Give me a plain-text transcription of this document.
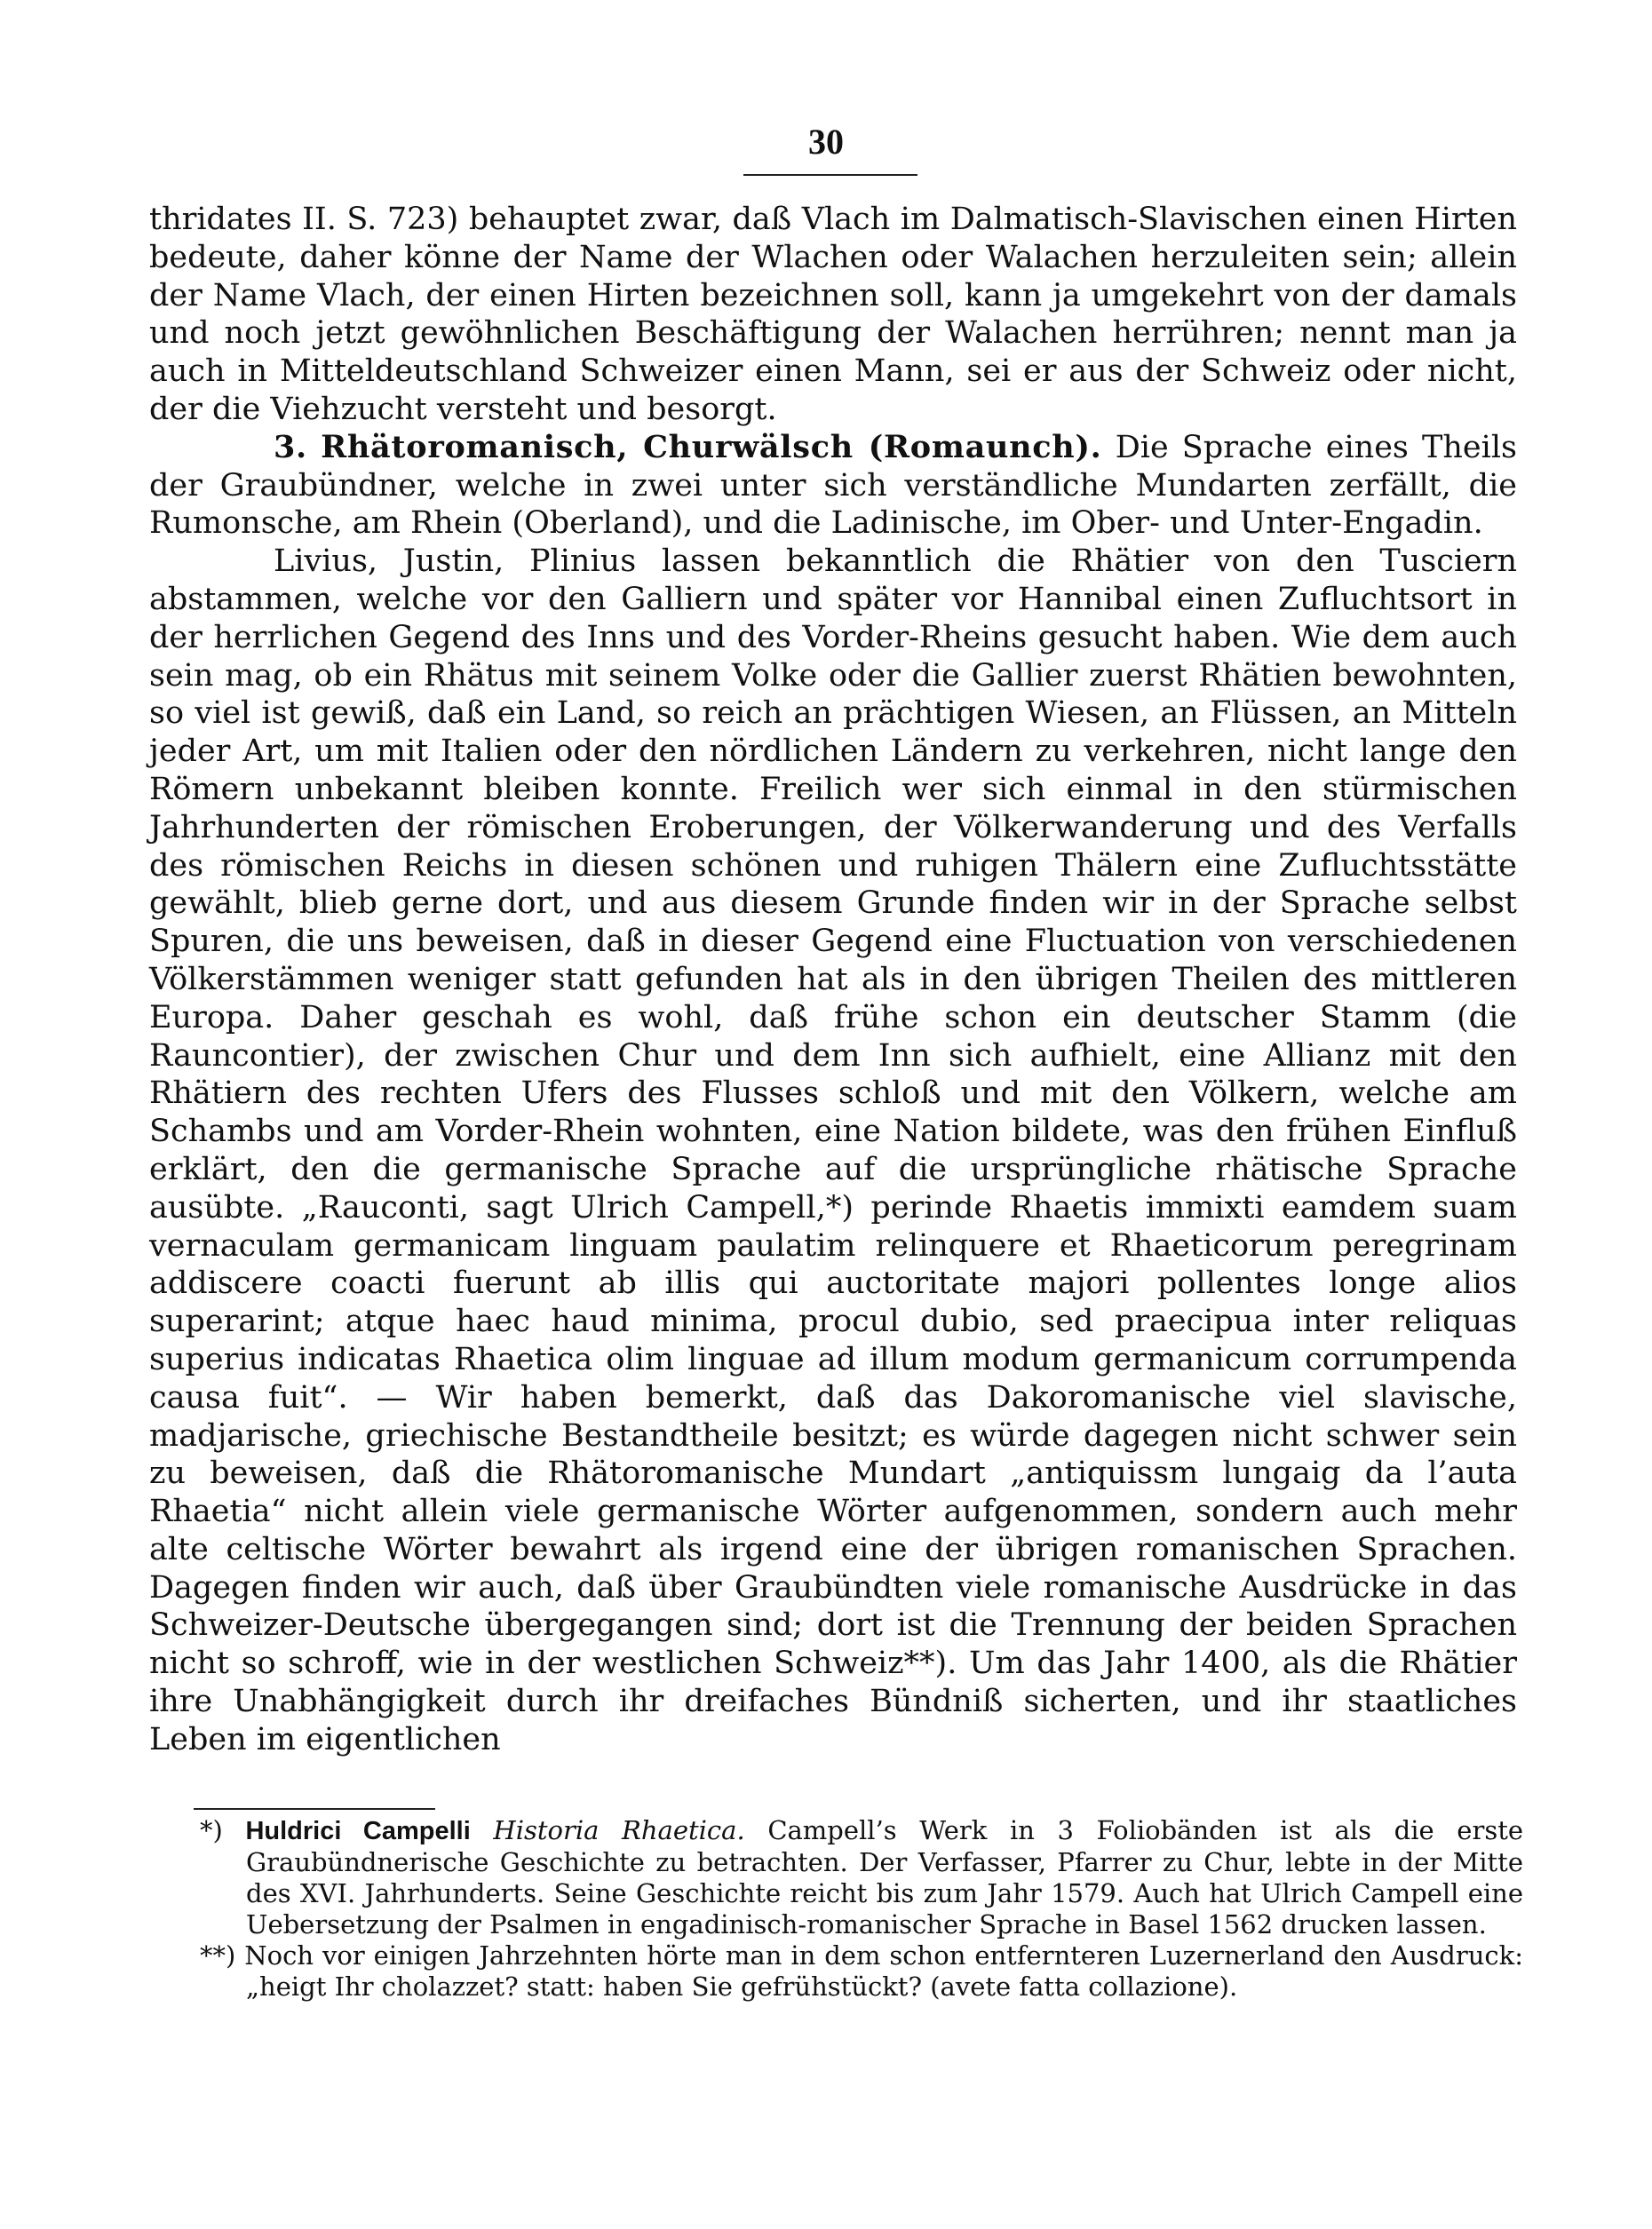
30

thridates II. S. 723) behauptet zwar, daß Vlach im Dalmatisch-Slavischen einen Hirten bedeute, daher könne der Name der Wlachen oder Walachen herzuleiten sein; allein der Name Vlach, der einen Hirten bezeichnen soll, kann ja umgekehrt von der damals und noch jetzt gewöhnlichen Beschäftigung der Walachen herrühren; nennt man ja auch in Mitteldeutschland Schweizer einen Mann, sei er aus der Schweiz oder nicht, der die Viehzucht versteht und besorgt.

3. Rhätoromanisch, Churwälsch (Romaunch). Die Sprache eines Theils der Graubündner, welche in zwei unter sich verständliche Mundarten zerfällt, die Rumonsche, am Rhein (Oberland), und die Ladinische, im Ober- und Unter-Engadin.

Livius, Justin, Plinius lassen bekanntlich die Rhätier von den Tusciern abstammen, welche vor den Galliern und später vor Hannibal einen Zufluchtsort in der herrlichen Gegend des Inns und des Vorder-Rheins gesucht haben. Wie dem auch sein mag, ob ein Rhätus mit seinem Volke oder die Gallier zuerst Rhätien bewohnten, so viel ist gewiß, daß ein Land, so reich an prächtigen Wiesen, an Flüssen, an Mitteln jeder Art, um mit Italien oder den nördlichen Ländern zu verkehren, nicht lange den Römern unbekannt bleiben konnte. Freilich wer sich einmal in den stürmischen Jahrhunderten der römischen Eroberungen, der Völkerwanderung und des Verfalls des römischen Reichs in diesen schönen und ruhigen Thälern eine Zufluchtsstätte gewählt, blieb gerne dort, und aus diesem Grunde finden wir in der Sprache selbst Spuren, die uns beweisen, daß in dieser Gegend eine Fluctuation von verschiedenen Völkerstämmen weniger statt gefunden hat als in den übrigen Theilen des mittleren Europa. Daher geschah es wohl, daß frühe schon ein deutscher Stamm (die Rauncontier), der zwischen Chur und dem Inn sich aufhielt, eine Allianz mit den Rhätiern des rechten Ufers des Flusses schloß und mit den Völkern, welche am Schambs und am Vorder-Rhein wohnten, eine Nation bildete, was den frühen Einfluß erklärt, den die germanische Sprache auf die ursprüngliche rhätische Sprache ausübte. „Rauconti, sagt Ulrich Campell,*) perinde Rhaetis immixti eamdem suam vernaculam germanicam linguam paulatim relinquere et Rhaeticorum peregrinam addiscere coacti fuerunt ab illis qui auctoritate majori pollentes longe alios superarint; atque haec haud minima, procul dubio, sed praecipua inter reliquas superius indicatas Rhaetica olim linguae ad illum modum germanicum corrumpenda causa fuit“. — Wir haben bemerkt, daß das Dakoromanische viel slavische, madjarische, griechische Bestandtheile besitzt; es würde dagegen nicht schwer sein zu beweisen, daß die Rhätoromanische Mundart „antiquissm lungaig da l’auta Rhaetia“ nicht allein viele germanische Wörter aufgenommen, sondern auch mehr alte celtische Wörter bewahrt als irgend eine der übrigen romanischen Sprachen. Dagegen finden wir auch, daß über Graubündten viele romanische Ausdrücke in das Schweizer-Deutsche übergegangen sind; dort ist die Trennung der beiden Sprachen nicht so schroff, wie in der westlichen Schweiz**). Um das Jahr 1400, als die Rhätier ihre Unabhängigkeit durch ihr dreifaches Bündniß sicherten, und ihr staatliches Leben im eigentlichen

*) Huldrici Campelli Historia Rhaetica. Campell’s Werk in 3 Foliobänden ist als die erste Graubündnerische Geschichte zu betrachten. Der Verfasser, Pfarrer zu Chur, lebte in der Mitte des XVI. Jahrhunderts. Seine Geschichte reicht bis zum Jahr 1579. Auch hat Ulrich Campell eine Uebersetzung der Psalmen in engadinisch-romanischer Sprache in Basel 1562 drucken lassen.

**) Noch vor einigen Jahrzehnten hörte man in dem schon entfernteren Luzernerland den Ausdruck: „heigt Ihr cholazzet? statt: haben Sie gefrühstückt? (avete fatta collazione).
